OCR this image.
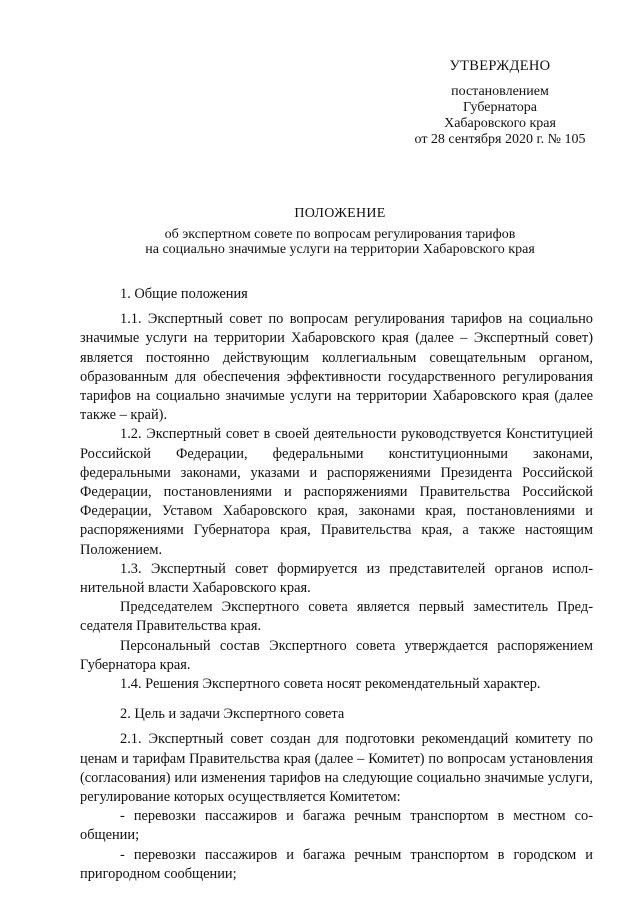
УТВЕРЖДЕНО
постановлением
Губернатора
Хабаровского края
от 28 сентября 2020 г. № 105
ПОЛОЖЕНИЕ
об экспертном совете по вопросам регулирования тарифов
на социально значимые услуги на территории Хабаровского края

1. Общие положения

1.1. Экспертный совет по вопросам регулирования тарифов на социально значимые услуги на территории Хабаровского края (далее – Экспертный совет) является постоянно действующим коллегиальным совещательным органом, образованным для обеспечения эффективности государственного регулирования тарифов на социально значимые услуги на территории Хабаровского края (далее также – край).

1.2. Экспертный совет в своей деятельности руководствуется Конституцией Российской Федерации, федеральными конституционными законами, федеральными законами, указами и распоряжениями Президента Российской Федерации, постановлениями и распоряжениями Правительства Российской Федерации, Уставом Хабаровского края, законами края, постановлениями и распоряжениями Губернатора края, Правительства края, а также настоящим Положением.

1.3. Экспертный совет формируется из представителей органов исполнительной власти Хабаровского края.

Председателем Экспертного совета является первый заместитель Председателя Правительства края.

Персональный состав Экспертного совета утверждается распоряжением Губернатора края.

1.4. Решения Экспертного совета носят рекомендательный характер.

2. Цель и задачи Экспертного совета

2.1. Экспертный совет создан для подготовки рекомендаций комитету по ценам и тарифам Правительства края (далее – Комитет) по вопросам установления (согласования) или изменения тарифов на следующие социально значимые услуги, регулирование которых осуществляется Комитетом:

- перевозки пассажиров и багажа речным транспортом в местном сообщении;

- перевозки пассажиров и багажа речным транспортом в городском и пригородном сообщении;
